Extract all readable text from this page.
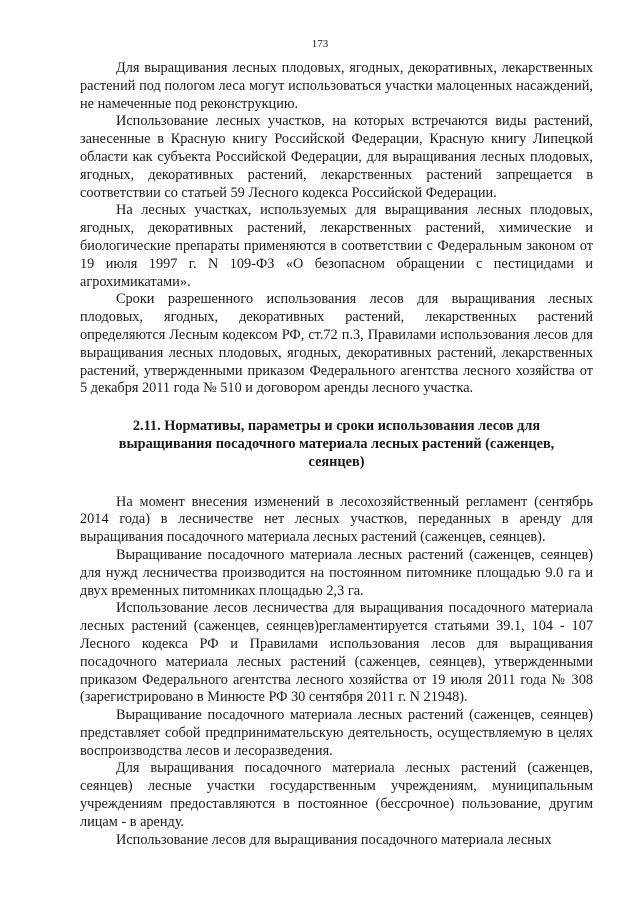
173

Для выращивания лесных плодовых, ягодных, декоративных, лекарственных растений под пологом леса могут использоваться участки малоценных насаждений, не намеченные под реконструкцию.

Использование лесных участков, на которых встречаются виды растений, занесенные в Красную книгу Российской Федерации, Красную книгу Липецкой области как субъекта Российской Федерации, для выращивания лесных плодовых, ягодных, декоративных растений, лекарственных растений запрещается в соответствии со статьей 59 Лесного кодекса Российской Федерации.

На лесных участках, используемых для выращивания лесных плодовых, ягодных, декоративных растений, лекарственных растений, химические и биологические препараты применяются в соответствии с Федеральным законом от 19 июля 1997 г. N 109-ФЗ «О безопасном обращении с пестицидами и агрохимикатами».

Сроки разрешенного использования лесов для выращивания лесных плодовых, ягодных, декоративных растений, лекарственных растений определяются Лесным кодексом РФ, ст.72 п.3, Правилами использования лесов для выращивания лесных плодовых, ягодных, декоративных растений, лекарственных растений, утвержденными приказом Федерального агентства лесного хозяйства от 5 декабря 2011 года № 510 и договором аренды лесного участка.

2.11. Нормативы, параметры и сроки использования лесов для выращивания посадочного материала лесных растений (саженцев, сеянцев)

На момент внесения изменений в лесохозяйственный регламент (сентябрь 2014 года) в лесничестве нет лесных участков, переданных в аренду для выращивания посадочного материала лесных растений (саженцев, сеянцев).

Выращивание посадочного материала лесных растений (саженцев, сеянцев) для нужд лесничества производится на постоянном питомнике площадью 9.0 га и двух временных питомниках площадью 2,3 га.

Использование лесов лесничества для выращивания посадочного материала лесных растений (саженцев, сеянцев)регламентируется статьями 39.1, 104 - 107 Лесного кодекса РФ и Правилами использования лесов для выращивания посадочного материала лесных растений (саженцев, сеянцев), утвержденными приказом Федерального агентства лесного хозяйства от 19 июля 2011 года № 308 (зарегистрировано в Минюсте РФ 30 сентября 2011 г. N 21948).

Выращивание посадочного материала лесных растений (саженцев, сеянцев) представляет собой предпринимательскую деятельность, осуществляемую в целях воспроизводства лесов и лесоразведения.

Для выращивания посадочного материала лесных растений (саженцев, сеянцев) лесные участки государственным учреждениям, муниципальным учреждениям предоставляются в постоянное (бессрочное) пользование, другим лицам - в аренду.

Использование лесов для выращивания посадочного материала лесных
